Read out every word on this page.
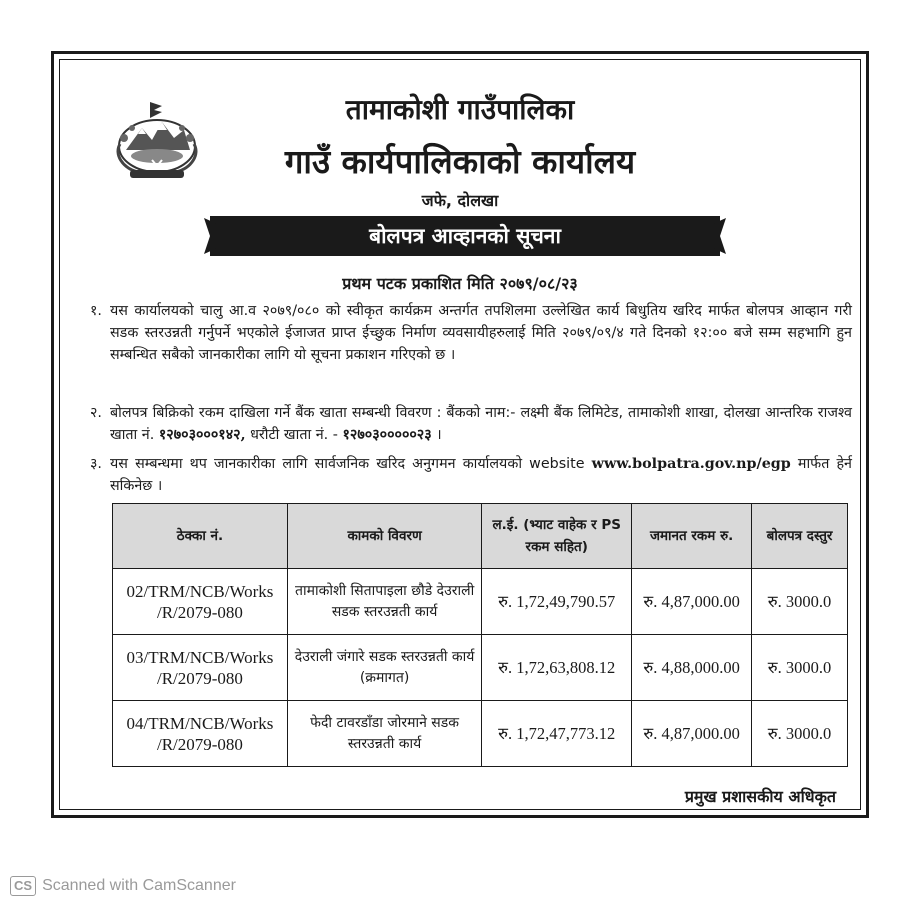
तामाकोशी गाउँपालिका
गाउँ कार्यपालिकाको कार्यालय
जफे, दोलखा
बोलपत्र आव्हानको सूचना
प्रथम पटक प्रकाशित मिति २०७९/०८/२३
१. यस कार्यालयको चालु आ.व २०७९/०८० को स्वीकृत कार्यक्रम अन्तर्गत तपशिलमा उल्लेखित कार्य बिधुतिय खरिद मार्फत बोलपत्र आव्हान गरी सडक स्तरउन्नती गर्नुपर्ने भएकोले ईजाजत प्राप्त ईच्छुक निर्माण व्यवसायीहरुलाई मिति २०७९/०९/४ गते दिनको १२:०० बजे सम्म सहभागि हुन सम्बन्धित सबैको जानकारीका लागि यो सूचना प्रकाशन गरिएको छ ।
२. बोलपत्र बिक्रिको रकम दाखिला गर्ने बैंक खाता सम्बन्धी विवरण : बैंकको नाम:- लक्ष्मी बैंक लिमिटेड, तामाकोशी शाखा, दोलखा आन्तरिक राजश्व खाता नं. १२७०३०००१४२, धरौटी खाता नं. - १२७०३०००००२३ ।
३. यस सम्बन्धमा थप जानकारीका लागि सार्वजनिक खरिद अनुगमन कार्यालयको website www.bolpatra.gov.np/egp मार्फत हेर्न सकिनेछ ।
ठेक्का नं.	कामको विवरण	ल.ई. (भ्याट वाहेक र PS रकम सहित)	जमानत रकम रु.	बोलपत्र दस्तुर
02/TRM/NCB/Works /R/2079-080	तामाकोशी सितापाइला छौडे देउराली सडक स्तरउन्नती कार्य	रु. 1,72,49,790.57	रु. 4,87,000.00	रु. 3000.0
03/TRM/NCB/Works /R/2079-080	देउराली जंगारे सडक स्तरउन्नती कार्य (क्रमागत)	रु. 1,72,63,808.12	रु. 4,88,000.00	रु. 3000.0
04/TRM/NCB/Works /R/2079-080	फेदी टावरडाँडा जोरमाने सडक स्तरउन्नती कार्य	रु. 1,72,47,773.12	रु. 4,87,000.00	रु. 3000.0
प्रमुख प्रशासकीय अधिकृत
CS Scanned with CamScanner
